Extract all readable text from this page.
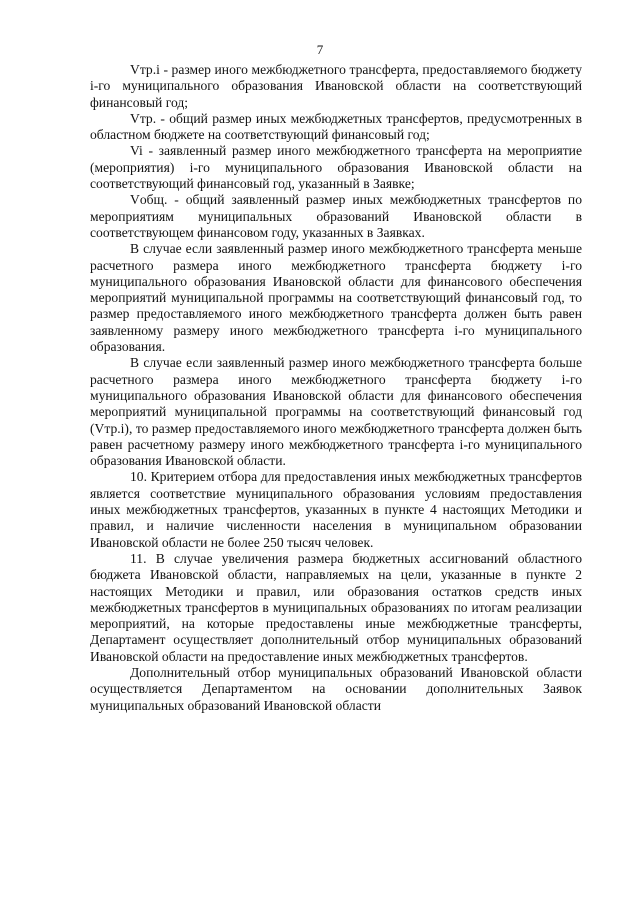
7

Vтр.i - размер иного межбюджетного трансферта, предоставляемого бюджету i-го муниципального образования Ивановской области на соответствующий финансовый год;

Vтр. - общий размер иных межбюджетных трансфертов, предусмотренных в областном бюджете на соответствующий финансовый год;

Vi - заявленный размер иного межбюджетного трансферта на мероприятие (мероприятия) i-го муниципального образования Ивановской области на соответствующий финансовый год, указанный в Заявке;

Vобщ. - общий заявленный размер иных межбюджетных трансфертов по мероприятиям муниципальных образований Ивановской области в соответствующем финансовом году, указанных в Заявках.

В случае если заявленный размер иного межбюджетного трансферта меньше расчетного размера иного межбюджетного трансферта бюджету i-го муниципального образования Ивановской области для финансового обеспечения мероприятий муниципальной программы на соответствующий финансовый год, то размер предоставляемого иного межбюджетного трансферта должен быть равен заявленному размеру иного межбюджетного трансферта i-го муниципального образования.

В случае если заявленный размер иного межбюджетного трансферта больше расчетного размера иного межбюджетного трансферта бюджету i-го муниципального образования Ивановской области для финансового обеспечения мероприятий муниципальной программы на соответствующий финансовый год (Vтр.i), то размер предоставляемого иного межбюджетного трансферта должен быть равен расчетному размеру иного межбюджетного трансферта i-го муниципального образования Ивановской области.

10. Критерием отбора для предоставления иных межбюджетных трансфертов является соответствие муниципального образования условиям предоставления иных межбюджетных трансфертов, указанных в пункте 4 настоящих Методики и правил, и наличие численности населения в муниципальном образовании Ивановской области не более 250 тысяч человек.

11. В случае увеличения размера бюджетных ассигнований областного бюджета Ивановской области, направляемых на цели, указанные в пункте 2 настоящих Методики и правил, или образования остатков средств иных межбюджетных трансфертов в муниципальных образованиях по итогам реализации мероприятий, на которые предоставлены иные межбюджетные трансферты, Департамент осуществляет дополнительный отбор муниципальных образований Ивановской области на предоставление иных межбюджетных трансфертов.

Дополнительный отбор муниципальных образований Ивановской области осуществляется Департаментом на основании дополнительных Заявок муниципальных образований Ивановской области
